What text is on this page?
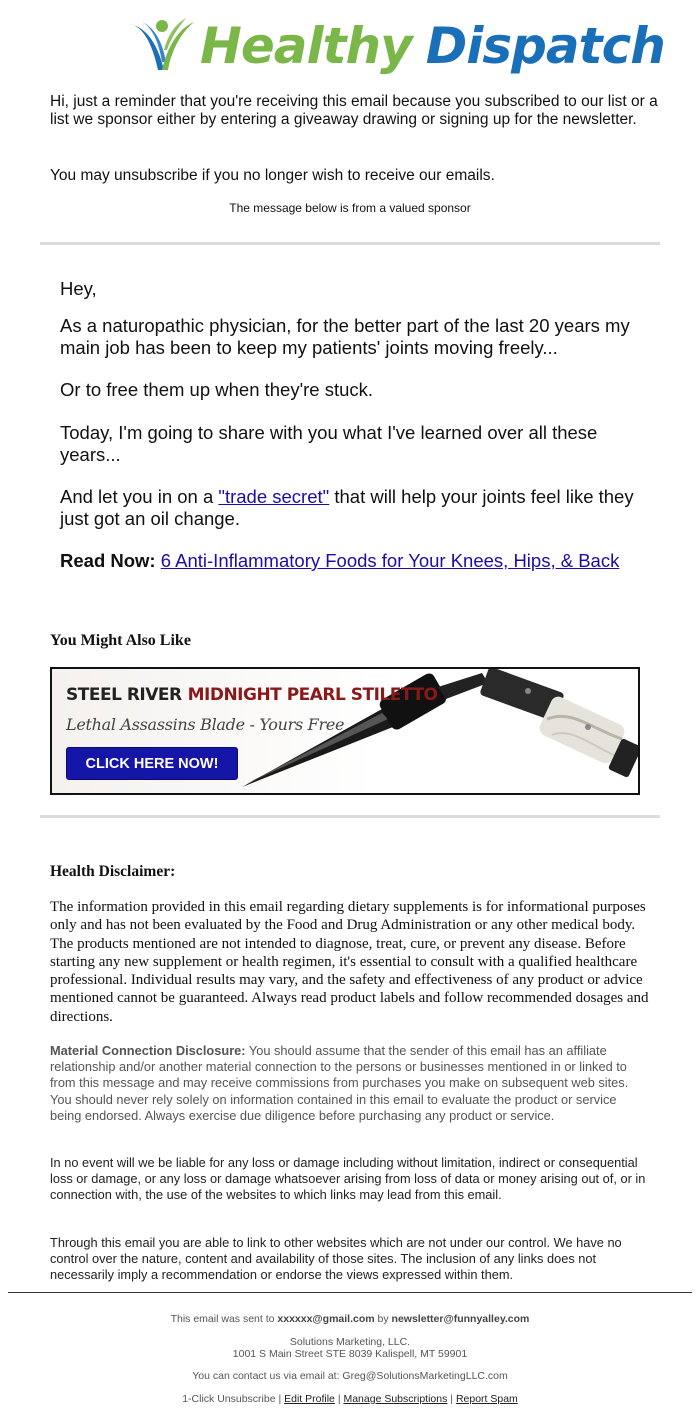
Healthy Dispatch

Hi, just a reminder that you're receiving this email because you subscribed to our list or a list we sponsor either by entering a giveaway drawing or signing up for the newsletter.

You may unsubscribe if you no longer wish to receive our emails.

The message below is from a valued sponsor

Hey,

As a naturopathic physician, for the better part of the last 20 years my main job has been to keep my patients' joints moving freely...

Or to free them up when they're stuck.

Today, I'm going to share with you what I've learned over all these years...

And let you in on a "trade secret" that will help your joints feel like they just got an oil change.

Read Now: 6 Anti-Inflammatory Foods for Your Knees, Hips, & Back

You Might Also Like
STEEL RIVER MIDNIGHT PEARL STILETTO
Lethal Assassins Blade - Yours Free
CLICK HERE NOW!
Health Disclaimer:
The information provided in this email regarding dietary supplements is for informational purposes only and has not been evaluated by the Food and Drug Administration or any other medical body. The products mentioned are not intended to diagnose, treat, cure, or prevent any disease. Before starting any new supplement or health regimen, it's essential to consult with a qualified healthcare professional. Individual results may vary, and the safety and effectiveness of any product or advice mentioned cannot be guaranteed. Always read product labels and follow recommended dosages and directions.
Material Connection Disclosure: You should assume that the sender of this email has an affiliate relationship and/or another material connection to the persons or businesses mentioned in or linked to from this message and may receive commissions from purchases you make on subsequent web sites. You should never rely solely on information contained in this email to evaluate the product or service being endorsed. Always exercise due diligence before purchasing any product or service.
In no event will we be liable for any loss or damage including without limitation, indirect or consequential loss or damage, or any loss or damage whatsoever arising from loss of data or money arising out of, or in connection with, the use of the websites to which links may lead from this email.
Through this email you are able to link to other websites which are not under our control. We have no control over the nature, content and availability of those sites. The inclusion of any links does not necessarily imply a recommendation or endorse the views expressed within them.
This email was sent to xxxxxx@gmail.com by newsletter@funnyalley.com
Solutions Marketing, LLC.
1001 S Main Street STE 8039 Kalispell, MT 59901
You can contact us via email at: Greg@SolutionsMarketingLLC.com
1-Click Unsubscribe | Edit Profile | Manage Subscriptions | Report Spam
